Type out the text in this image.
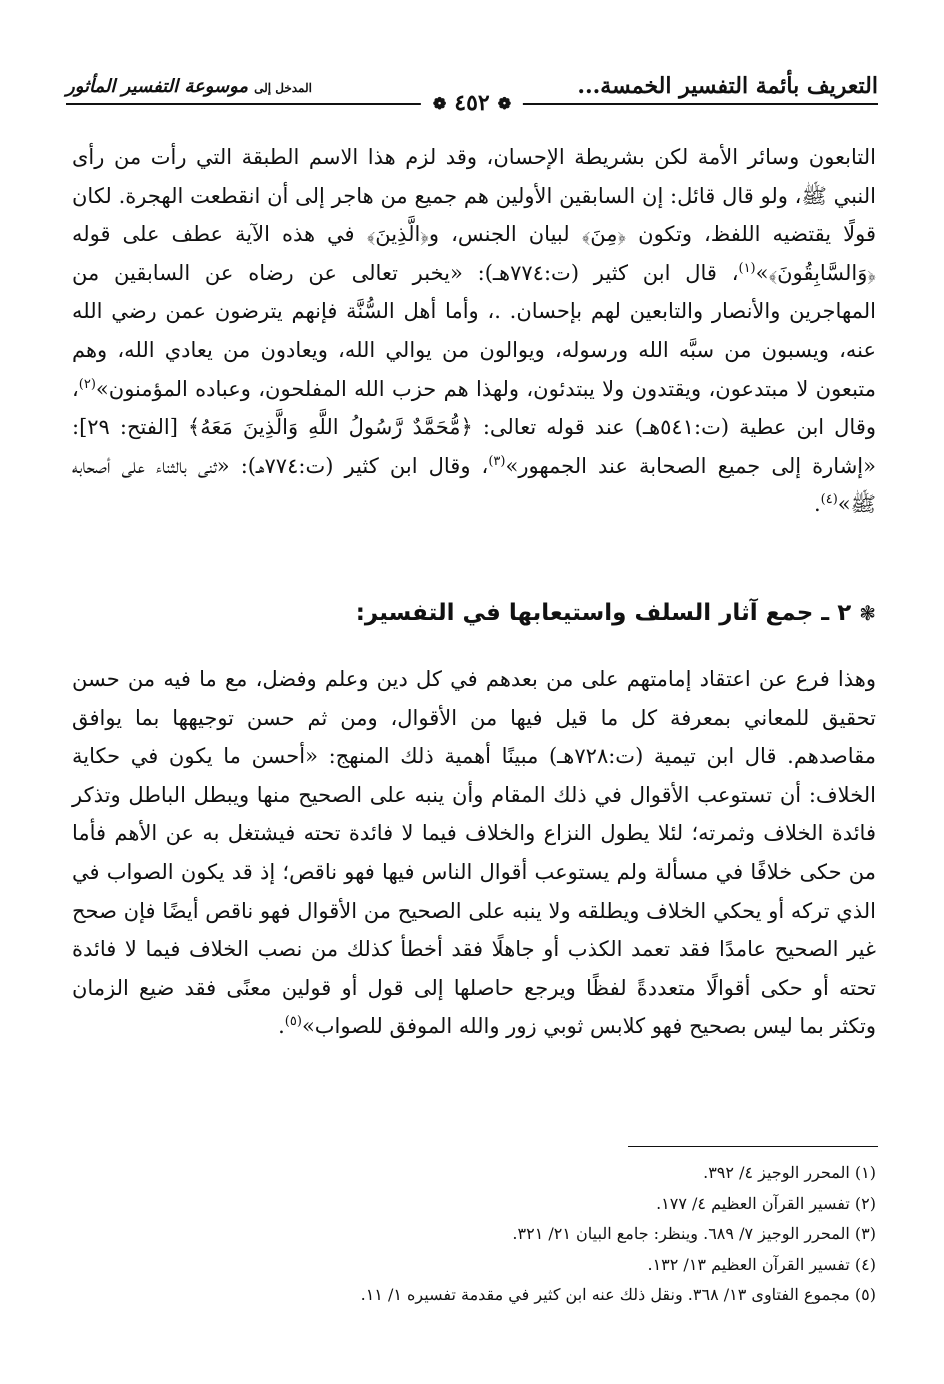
التعريف بأئمة التفسير الخمسة...
المدخل إلى
موسوعة التفسير المأثور
❁
٤٥٢
❁

التابعون وسائر الأمة لكن بشريطة الإحسان، وقد لزم هذا الاسم الطبقة التي رأت من رأى النبي ﷺ، ولو قال قائل: إن السابقين الأولين هم جميع من هاجر إلى أن انقطعت الهجرة. لكان قولًا يقتضيه اللفظ، وتكون ﴿مِنَ﴾ لبيان الجنس، و﴿الَّذِينَ﴾ في هذه الآية عطف على قوله ﴿وَالسَّابِقُونَ﴾»$^{(١)}$، قال ابن كثير (ت:٧٧٤هـ): «يخبر تعالى عن رضاه عن السابقين من المهاجرين والأنصار والتابعين لهم بإحسان. .، وأما أهل السُّنَّة فإنهم يترضون عمن رضي الله عنه، ويسبون من سبَّه الله ورسوله، ويوالون من يوالي الله، ويعادون من يعادي الله، وهم متبعون لا مبتدعون، ويقتدون ولا يبتدئون، ولهذا هم حزب الله المفلحون، وعباده المؤمنون»$^{(٢)}$، وقال ابن عطية (ت:٥٤١هـ) عند قوله تعالى: ﴿مُّحَمَّدٌ رَّسُولُ اللَّهِ وَالَّذِينَ مَعَهُ﴾ [الفتح: ٢٩]: «إشارة إلى جميع الصحابة عند الجمهور»$^{(٣)}$، وقال ابن كثير (ت:٧٧٤هـ): «ثنى بالثناء على أصحابه ﷺ»$^{(٤)}$.

❃
٢
ـ جمع آثار السلف واستيعابها في التفسير:

وهذا فرع عن اعتقاد إمامتهم على من بعدهم في كل دين وعلم وفضل، مع ما فيه من حسن تحقيق للمعاني بمعرفة كل ما قيل فيها من الأقوال، ومن ثم حسن توجيهها بما يوافق مقاصدهم. قال ابن تيمية (ت:٧٢٨هـ) مبينًا أهمية ذلك المنهج: «أحسن ما يكون في حكاية الخلاف: أن تستوعب الأقوال في ذلك المقام وأن ينبه على الصحيح منها ويبطل الباطل وتذكر فائدة الخلاف وثمرته؛ لئلا يطول النزاع والخلاف فيما لا فائدة تحته فيشتغل به عن الأهم فأما من حكى خلافًا في مسألة ولم يستوعب أقوال الناس فيها فهو ناقص؛ إذ قد يكون الصواب في الذي تركه أو يحكي الخلاف ويطلقه ولا ينبه على الصحيح من الأقوال فهو ناقص أيضًا فإن صحح غير الصحيح عامدًا فقد تعمد الكذب أو جاهلًا فقد أخطأ كذلك من نصب الخلاف فيما لا فائدة تحته أو حكى أقوالًا متعددةً لفظًا ويرجع حاصلها إلى قول أو قولين معنًى فقد ضيع الزمان وتكثر بما ليس بصحيح فهو كلابس ثوبي زور والله الموفق للصواب»$^{(٥)}$.

(١) المحرر الوجيز ٤/ ٣٩٢.
(٢) تفسير القرآن العظيم ٤/ ١٧٧.
(٣) المحرر الوجيز ٧/ ٦٨٩. وينظر: جامع البيان ٢١/ ٣٢١.
(٤) تفسير القرآن العظيم ١٣/ ١٣٢.
(٥) مجموع الفتاوى ١٣/ ٣٦٨. ونقل ذلك عنه ابن كثير في مقدمة تفسيره ١/ ١١.
